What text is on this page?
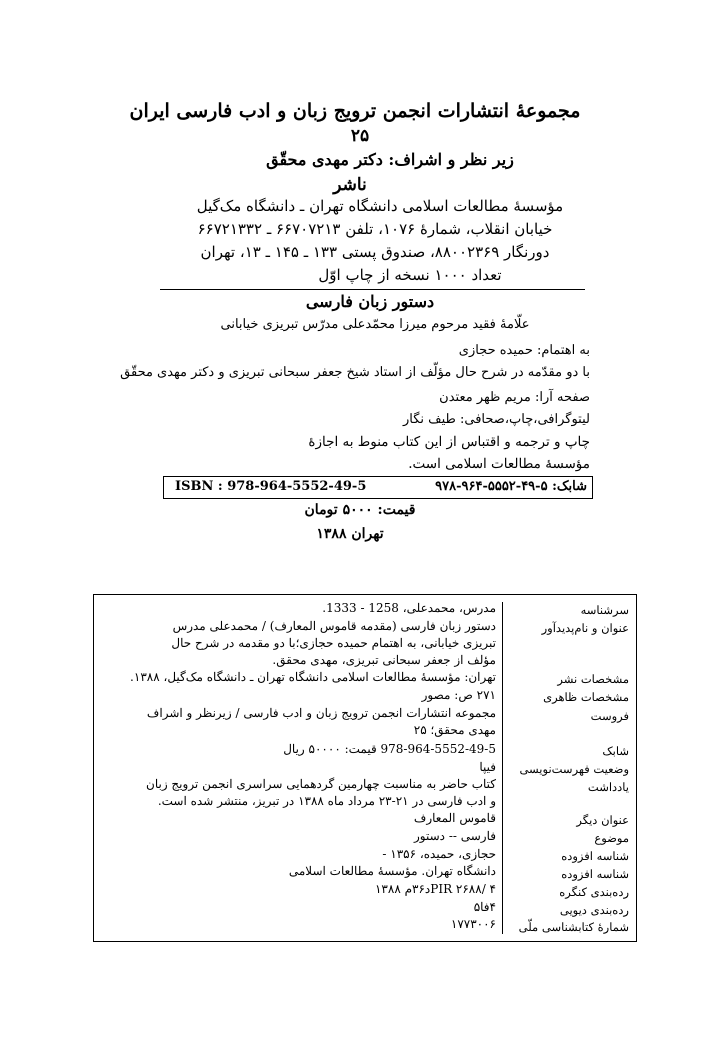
مجموعهٔ انتشارات انجمن ترویج زبان و ادب فارسی ایران
۲۵
زیر نظر و اشراف: دکتر مهدی محقّق
ناشر
مؤسسهٔ مطالعات اسلامی دانشگاه تهران ـ دانشگاه مک‌گیل
خیابان انقلاب، شمارهٔ ۱۰۷۶، تلفن ۶۶۷۰۷۲۱۳ ـ ۶۶۷۲۱۳۳۲
دورنگار ۸۸۰۰۲۳۶۹، صندوق پستی ۱۳۳ ـ ۱۴۵ ـ ۱۳، تهران
تعداد ۱۰۰۰ نسخه از چاپ اوّل
دستور زبان فارسی
علّامهٔ فقید مرحوم میرزا محمّدعلی مدرّس تبریزی خیابانی
به اهتمام: حمیده حجازی
با دو مقدّمه در شرح حال مؤلّف از استاد شیخ جعفر سبحانی تبریزی و دکتر مهدی محقّق
صفحه آرا: مریم ظهر معتدن
لیتوگرافی،چاپ،صحافی: طیف نگار
چاپ و ترجمه و اقتباس از این کتاب منوط به اجازهٔ
مؤسسهٔ مطالعات اسلامی است.
شابک: ۵-۴۹-۵۵۵۲-۹۶۴-۹۷۸
ISBN : 978-964-5552-49-5
قیمت: ۵۰۰۰ تومان
تهران ۱۳۸۸
سرشناسه
مدرس، محمدعلی، 1258 - 1333.
عنوان و نام‌پدیدآور
دستور زبان فارسی (مقدمه قاموس المعارف) / محمدعلی مدرس
تبریزی خیابانی، به اهتمام حمیده حجازی؛با دو مقدمه در شرح حال
مؤلف از جعفر سبحانی تبریزی، مهدی محقق.
مشخصات نشر
تهران: مؤسسهٔ مطالعات اسلامی دانشگاه تهران ـ دانشگاه مک‌گیل، ۱۳۸۸.
مشخصات ظاهری
۲۷۱ ص: مصور
فروست
مجموعه انتشارات انجمن ترویج زبان و ادب فارسی / زیرنظر و اشراف
مهدی محقق؛ ۲۵
شابک
978-964-5552-49-5 قیمت: ۵۰۰۰۰ ریال
وضعیت فهرست‌نویسی
فیپا
یادداشت
کتاب حاضر به مناسبت چهارمین گردهمایی سراسری انجمن ترویج زبان
و ادب فارسی در ۲۱-۲۳ مرداد ماه ۱۳۸۸ در تبریز، منتشر شده است.
عنوان دیگر
قاموس المعارف
موضوع
فارسی -- دستور
شناسه افزوده
حجازی، حمیده، ۱۳۵۶ -
شناسه افزوده
دانشگاه تهران. مؤسسهٔ مطالعات اسلامی
رده‌بندی کنگره
PIR ۲۶۸۸/ ۴د۳۶م ۱۳۸۸
رده‌بندی دیویی
۴فا۵
شمارهٔ کتابشناسی ملّی
۱۷۷۳۰۰۶
